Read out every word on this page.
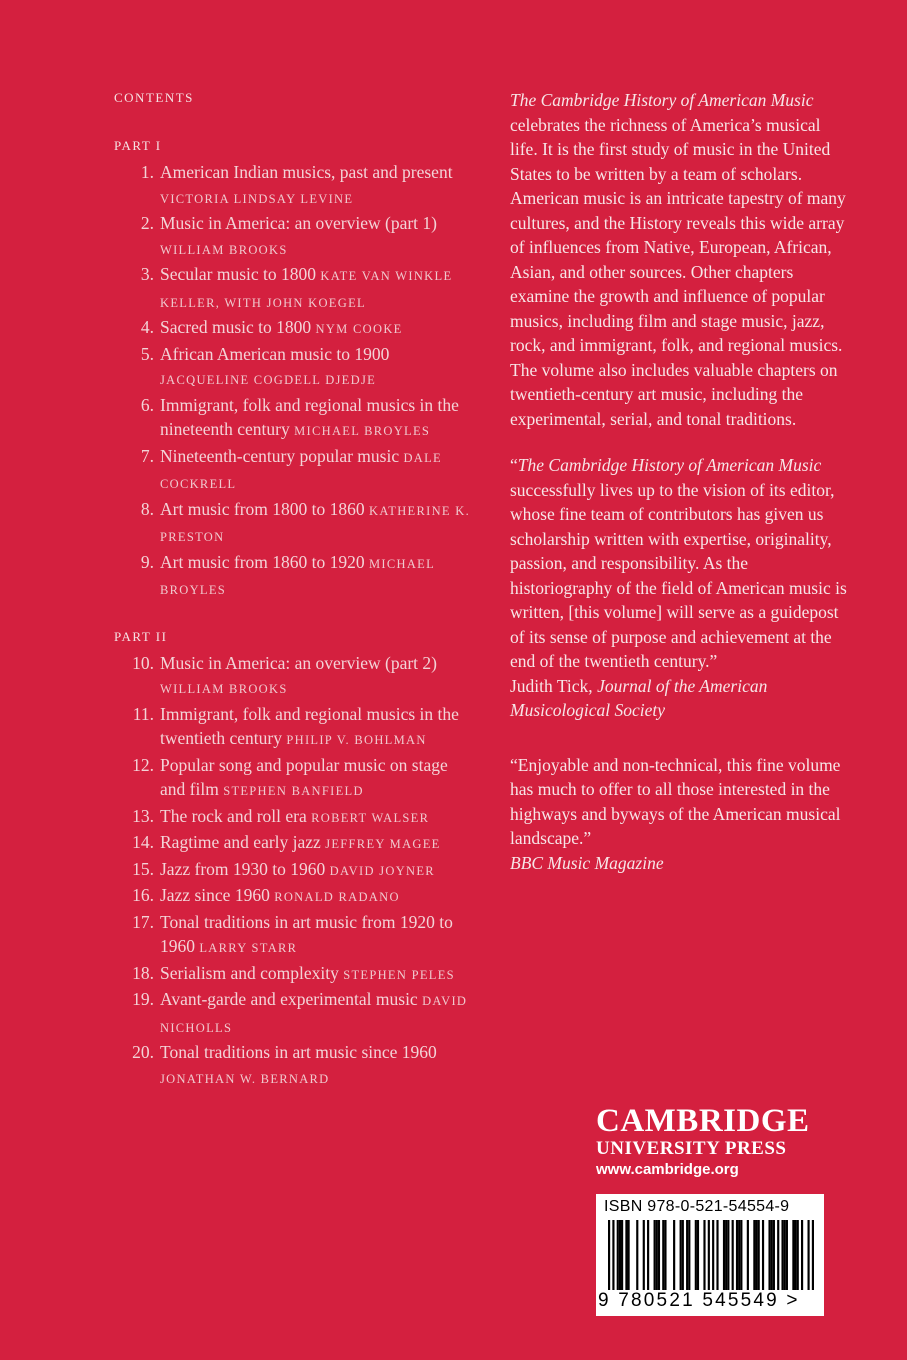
CONTENTS
PART I
1. American Indian musics, past and present VICTORIA LINDSAY LEVINE
2. Music in America: an overview (part 1) WILLIAM BROOKS
3. Secular music to 1800 KATE VAN WINKLE KELLER, WITH JOHN KOEGEL
4. Sacred music to 1800 NYM COOKE
5. African American music to 1900 JACQUELINE COGDELL DJEDJE
6. Immigrant, folk and regional musics in the nineteenth century MICHAEL BROYLES
7. Nineteenth-century popular music DALE COCKRELL
8. Art music from 1800 to 1860 KATHERINE K. PRESTON
9. Art music from 1860 to 1920 MICHAEL BROYLES
PART II
10. Music in America: an overview (part 2) WILLIAM BROOKS
11. Immigrant, folk and regional musics in the twentieth century PHILIP V. BOHLMAN
12. Popular song and popular music on stage and film STEPHEN BANFIELD
13. The rock and roll era ROBERT WALSER
14. Ragtime and early jazz JEFFREY MAGEE
15. Jazz from 1930 to 1960 DAVID JOYNER
16. Jazz since 1960 RONALD RADANO
17. Tonal traditions in art music from 1920 to 1960 LARRY STARR
18. Serialism and complexity STEPHEN PELES
19. Avant-garde and experimental music DAVID NICHOLLS
20. Tonal traditions in art music since 1960 JONATHAN W. BERNARD

The Cambridge History of American Music celebrates the richness of America’s musical life. It is the first study of music in the United States to be written by a team of scholars. American music is an intricate tapestry of many cultures, and the History reveals this wide array of influences from Native, European, African, Asian, and other sources. Other chapters examine the growth and influence of popular musics, including film and stage music, jazz, rock, and immigrant, folk, and regional musics. The volume also includes valuable chapters on twentieth-century art music, including the experimental, serial, and tonal traditions.

“The Cambridge History of American Music successfully lives up to the vision of its editor, whose fine team of contributors has given us scholarship written with expertise, originality, passion, and responsibility. As the historiography of the field of American music is written, [this volume] will serve as a guidepost of its sense of purpose and achievement at the end of the twentieth century.”
Judith Tick, Journal of the American Musicological Society

“Enjoyable and non-technical, this fine volume has much to offer to all those interested in the highways and byways of the American musical landscape.”
BBC Music Magazine

CAMBRIDGE
UNIVERSITY PRESS
www.cambridge.org
ISBN 978-0-521-54554-9
9 780521 545549 >
